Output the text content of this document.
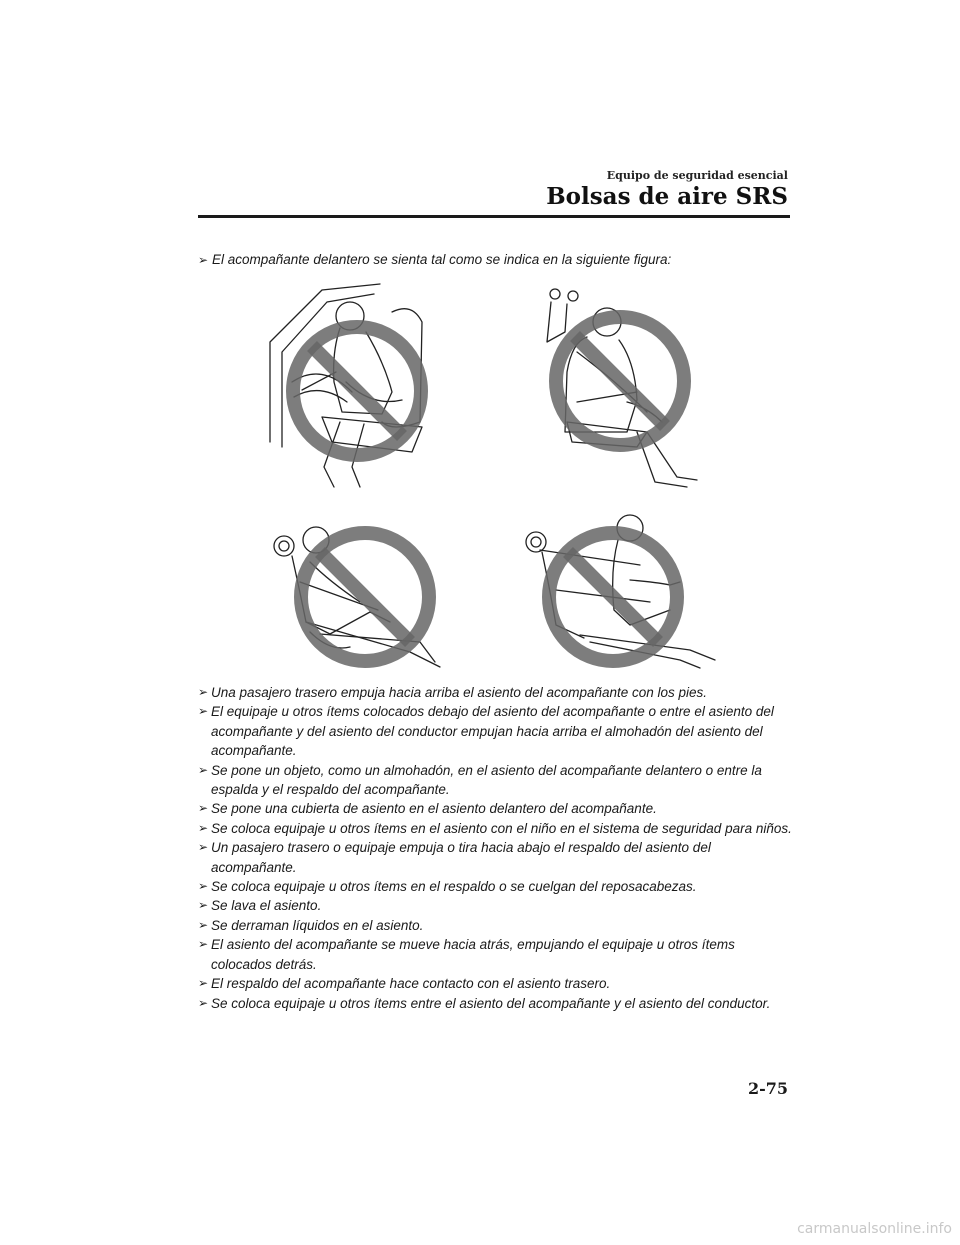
Equipo de seguridad esencial
Bolsas de aire SRS
➢ El acompañante delantero se sienta tal como se indica en la siguiente figura:
➢ Una pasajero trasero empuja hacia arriba el asiento del acompañante con los pies.
➢ El equipaje u otros ítems colocados debajo del asiento del acompañante o entre el asiento del acompañante y del asiento del conductor empujan hacia arriba el almohadón del asiento del acompañante.
➢ Se pone un objeto, como un almohadón, en el asiento del acompañante delantero o entre la espalda y el respaldo del acompañante.
➢ Se pone una cubierta de asiento en el asiento delantero del acompañante.
➢ Se coloca equipaje u otros ítems en el asiento con el niño en el sistema de seguridad para niños.
➢ Un pasajero trasero o equipaje empuja o tira hacia abajo el respaldo del asiento del acompañante.
➢ Se coloca equipaje u otros ítems en el respaldo o se cuelgan del reposacabezas.
➢ Se lava el asiento.
➢ Se derraman líquidos en el asiento.
➢ El asiento del acompañante se mueve hacia atrás, empujando el equipaje u otros ítems colocados detrás.
➢ El respaldo del acompañante hace contacto con el asiento trasero.
➢ Se coloca equipaje u otros ítems entre el asiento del acompañante y el asiento del conductor.
2-75
carmanualsonline.info
